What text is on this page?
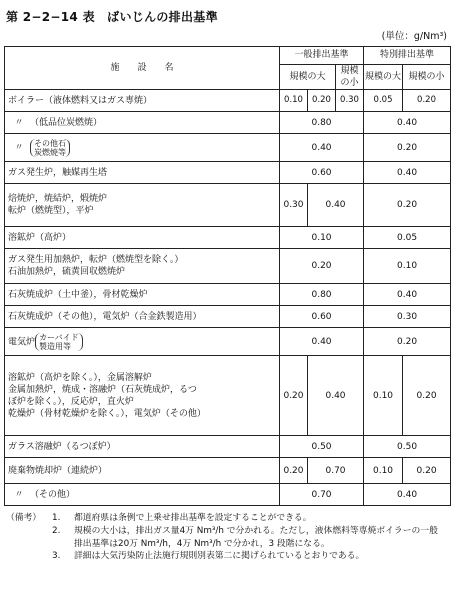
第 2−2−14 表　ばいじんの排出基準
(単位：g/Nm³)
施　　設　　名	一般排出基準			特別排出基準	
	規模の大		規模の小	規模の大	規模の小
ボイラー（液体燃料又はガス専焼）	0.10	0.20	0.30	0.05	0.20
〃 （低品位炭燃焼）	0.80			0.40	
〃その他石
炭燃焼等	0.40			0.20	
ガス発生炉，触媒再生塔	0.60			0.40	
焙焼炉，焼結炉，煆焼炉
転炉（燃焼型），平炉	0.30	0.40		0.20	
溶鉱炉（高炉）	0.10			0.05	
ガス発生用加熱炉，転炉（燃焼型を除く。）
石油加熱炉，硫黄回収燃焼炉	0.20			0.10	
石灰焼成炉（土中釜），骨材乾燥炉	0.80			0.40	
石灰焼成炉（その他），電気炉（合金鉄製造用）	0.60			0.30	
電気炉カーバイド
製造用等	0.40			0.20	
溶鉱炉（高炉を除く。），金属溶解炉
金属加熱炉，焼成・溶融炉（石灰焼成炉，るつ
ぼ炉を除く。），反応炉，直火炉
乾燥炉（骨材乾燥炉を除く。），電気炉（その他）	0.20	0.40		0.10	0.20
ガラス溶融炉（るつぼ炉）	0.50			0.50	
廃棄物焼却炉（連続炉）	0.20	0.70		0.10	0.20
〃 （その他）	0.70			0.40	
（備考）	1.	都道府県は条例で上乗せ排出基準を設定することができる。
2.	規模の大小は，排出ガス量4万 Nm³/h で分かれる。ただし，液体燃料等専焼ボイラーの一般排出基準は20万 Nm³/h，4万 Nm³/h で分かれ，3 段階になる。
3.	詳細は大気汚染防止法施行規則別表第二に掲げられているとおりである。
